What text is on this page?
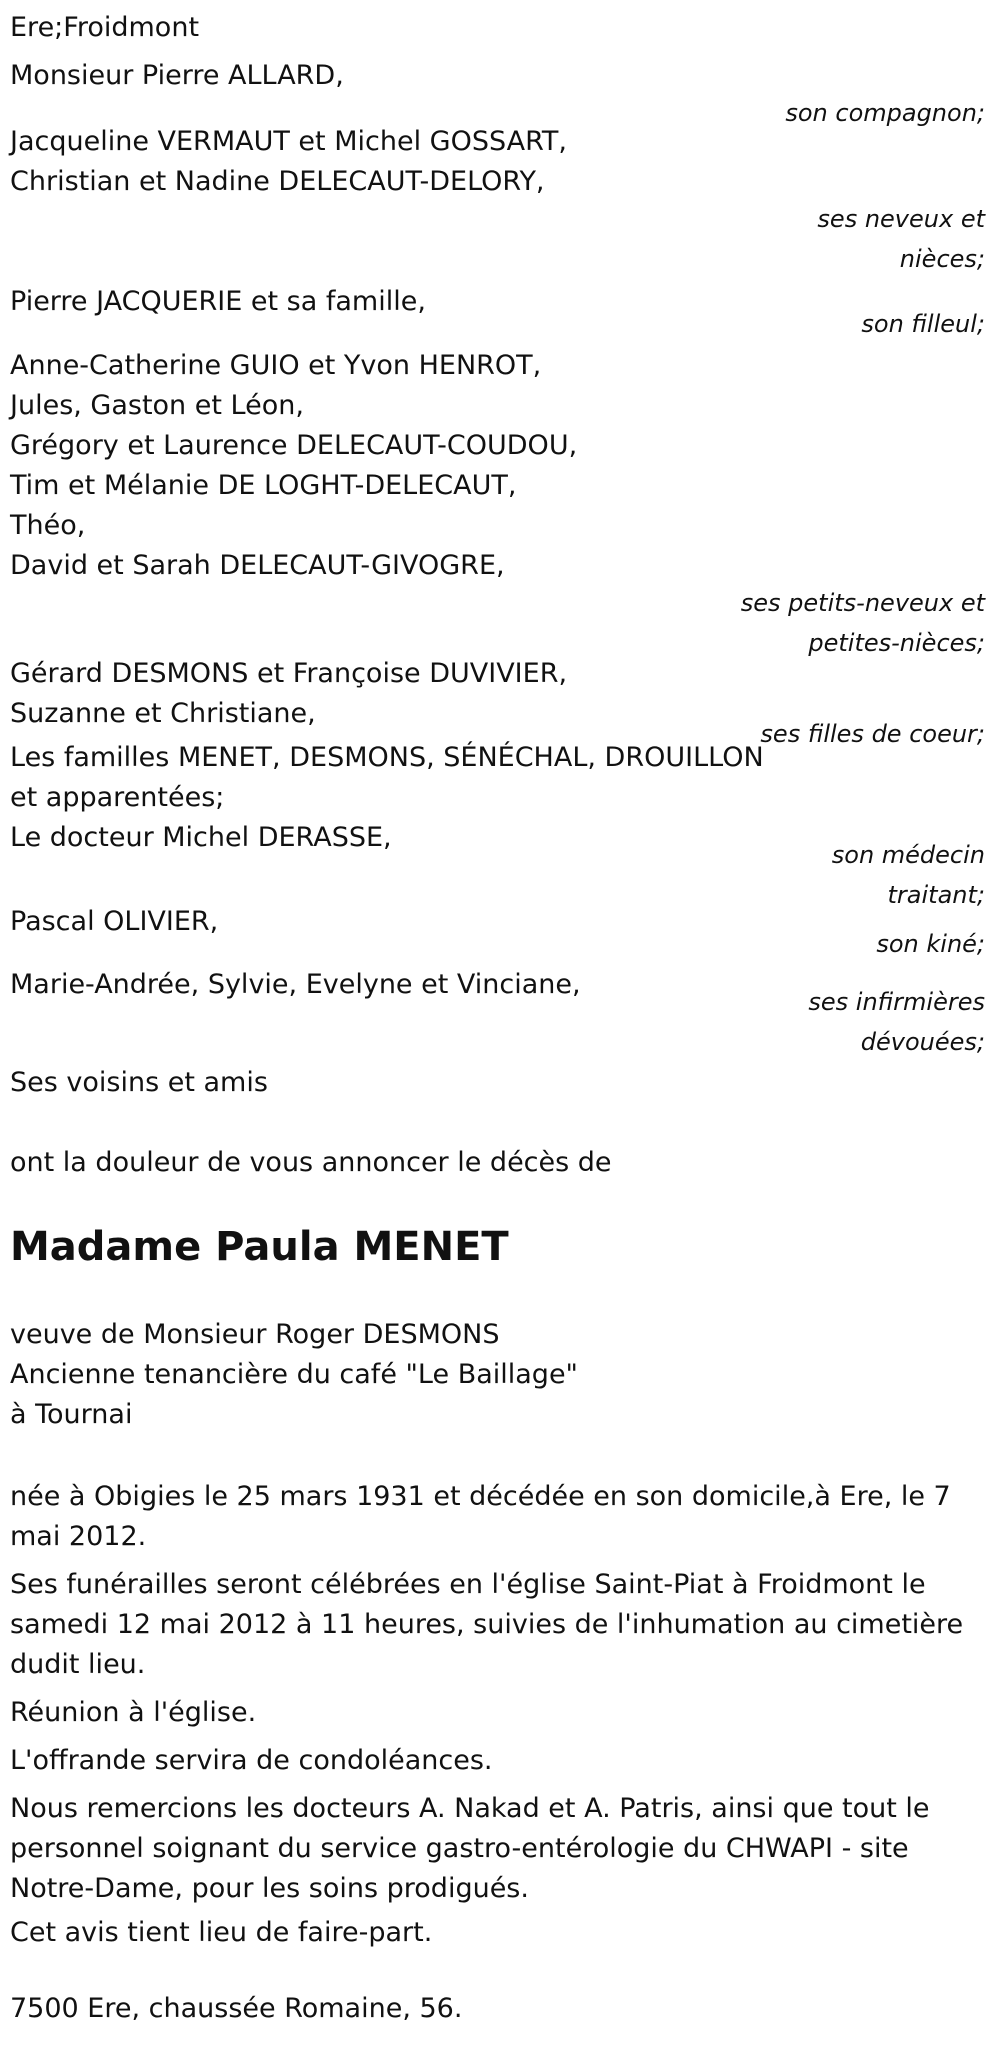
Ere;Froidmont
Monsieur Pierre ALLARD,
son compagnon;
Jacqueline VERMAUT et Michel GOSSART,
Christian et Nadine DELECAUT-DELORY,
ses neveux et
nièces;
Pierre JACQUERIE et sa famille,
son filleul;
Anne-Catherine GUIO et Yvon HENROT,
Jules, Gaston et Léon,
Grégory et Laurence DELECAUT-COUDOU,
Tim et Mélanie DE LOGHT-DELECAUT,
Théo,
David et Sarah DELECAUT-GIVOGRE,
ses petits-neveux et
petites-nièces;
Gérard DESMONS et Françoise DUVIVIER,
Suzanne et Christiane,
ses filles de coeur;
Les familles MENET, DESMONS, SÉNÉCHAL, DROUILLON
et apparentées;
Le docteur Michel DERASSE,
son médecin
traitant;
Pascal OLIVIER,
son kiné;
Marie-Andrée, Sylvie, Evelyne et Vinciane,
ses infirmières
dévouées;
Ses voisins et amis
ont la douleur de vous annoncer le décès de
Madame Paula MENET
veuve de Monsieur Roger DESMONS
Ancienne tenancière du café "Le Baillage"
à Tournai
née à Obigies le 25 mars 1931 et décédée en son domicile,à Ere, le 7 mai 2012.
Ses funérailles seront célébrées en l'église Saint-Piat à Froidmont le samedi 12 mai 2012 à 11 heures, suivies de l'inhumation au cimetière dudit lieu.
Réunion à l'église.
L'offrande servira de condoléances.
Nous remercions les docteurs A. Nakad et A. Patris, ainsi que tout le personnel soignant du service gastro-entérologie du CHWAPI - site Notre-Dame, pour les soins prodigués.
Cet avis tient lieu de faire-part.
7500 Ere, chaussée Romaine, 56.
